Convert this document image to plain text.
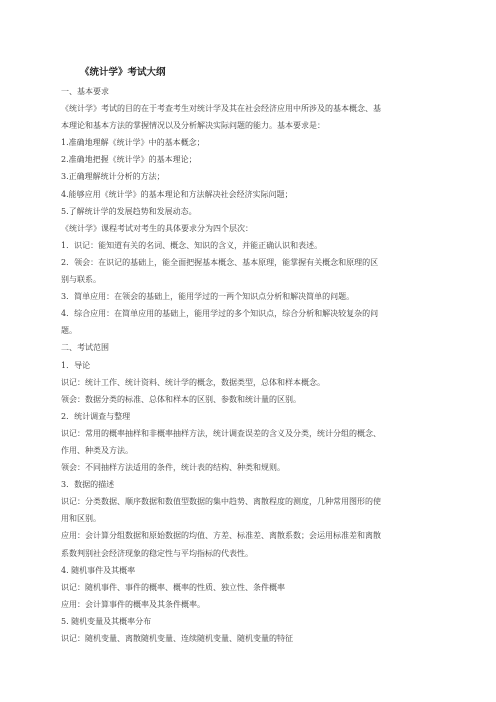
《统计学》考试大纲
一、基本要求
《统计学》考试的目的在于考查考生对统计学及其在社会经济应用中所涉及的基本概念、基
本理论和基本方法的掌握情况以及分析解决实际问题的能力。基本要求是：
1.准确地理解《统计学》中的基本概念；
2.准确地把握《统计学》的基本理论；
3.正确理解统计分析的方法；
4.能够应用《统计学》的基本理论和方法解决社会经济实际问题；
5.了解统计学的发展趋势和发展动态。
《统计学》课程考试对考生的具体要求分为四个层次：
1．识记：能知道有关的名词、概念、知识的含义，并能正确认识和表述。
2．领会：在识记的基础上，能全面把握基本概念、基本原理，能掌握有关概念和原理的区
别与联系。
3．简单应用：在领会的基础上，能用学过的一两个知识点分析和解决简单的问题。
4．综合应用：在简单应用的基础上，能用学过的多个知识点，综合分析和解决较复杂的问
题。
二、考试范围
1．导论
识记：统计工作、统计资料、统计学的概念，数据类型，总体和样本概念。
领会：数据分类的标准、总体和样本的区别、参数和统计量的区别。
2．统计调查与整理
识记：常用的概率抽样和非概率抽样方法，统计调查误差的含义及分类，统计分组的概念、
作用、种类及方法。
领会：不同抽样方法适用的条件，统计表的结构、种类和规则。
3．数据的描述
识记：分类数据、顺序数据和数值型数据的集中趋势、离散程度的测度，几种常用图形的使
用和区别。
应用：会计算分组数据和原始数据的均值、方差、标准差、离散系数；会运用标准差和离散
系数判别社会经济现象的稳定性与平均指标的代表性。
4. 随机事件及其概率
识记：随机事件、事件的概率、概率的性质、独立性、条件概率
应用：会计算事件的概率及其条件概率。
5. 随机变量及其概率分布
识记：随机变量、离散随机变量、连续随机变量、随机变量的特征
